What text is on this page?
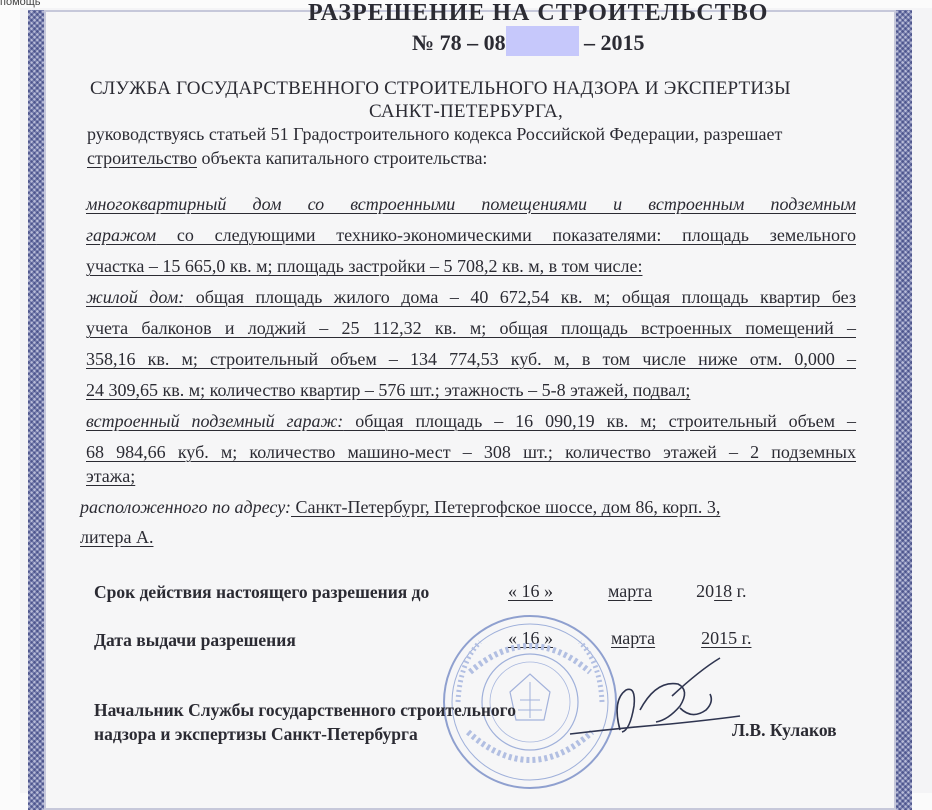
помощь	РАЗРЕШЕНИЕ НА СТРОИТЕЛЬСТВО
№ 78 – 08	– 2015
СЛУЖБА ГОСУДАРСТВЕННОГО СТРОИТЕЛЬНОГО НАДЗОРА И ЭКСПЕРТИЗЫ
САНКТ-ПЕТЕРБУРГА,
руководствуясь статьей 51 Градостроительного кодекса Российской Федерации, разрешает
строительство объекта капитального строительства:
многоквартирный дом со встроенными помещениями и встроенным подземным
гаражом со следующими технико-экономическими показателями: площадь земельного
участка – 15 665,0 кв. м; площадь застройки – 5 708,2 кв. м, в том числе:
жилой дом: общая площадь жилого дома – 40 672,54 кв. м; общая площадь квартир без
учета балконов и лоджий – 25 112,32 кв. м; общая площадь встроенных помещений –
358,16 кв. м; строительный объем – 134 774,53 куб. м, в том числе ниже отм. 0,000 –
24 309,65 кв. м; количество квартир – 576 шт.; этажность – 5-8 этажей, подвал;
встроенный подземный гараж: общая площадь – 16 090,19 кв. м; строительный объем –
68 984,66 куб. м; количество машино-мест – 308 шт.; количество этажей – 2 подземных
этажа;
расположенного по адресу: Санкт-Петербург, Петергофское шоссе, дом 86, корп. 3,
литера А.
Срок действия настоящего разрешения до	« 16 »	марта 2018 г.
Дата выдачи разрешения	« 16 »	марта	2015 г.
Начальник Службы государственного строительного
надзора и экспертизы Санкт-Петербурга	Л.В. Кулаков
